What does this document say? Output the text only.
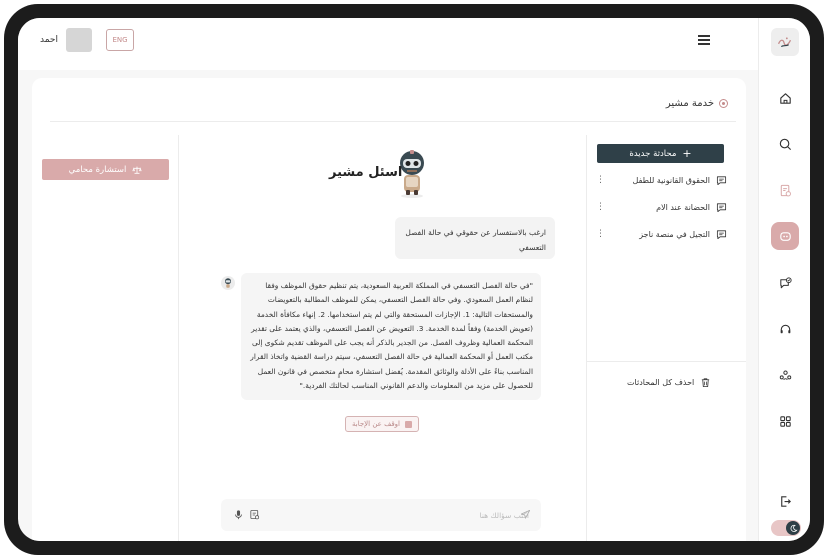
احمد	ENG
خدمة مشير
استشارة محامي	اسئل مشير
ارغب بالاستفسار عن حقوقي في حالة الفصل التعسفي
"في حالة الفصل التعسفي في المملكة العربية السعودية، يتم تنظيم حقوق الموظف وفقا لنظام العمل السعودي. وفي حالة الفصل التعسفي، يمكن للموظف المطالبة بالتعويضات والمستحقات التالية: 1. الإجازات المستحقة والتي لم يتم استخدامها. 2. إنهاء مكافأة الخدمة (تعويض الخدمة) وفقاً لمدة الخدمة. 3. التعويض عن الفصل التعسفي، والذي يعتمد على تقدير المحكمة العمالية وظروف الفصل. من الجدير بالذكر أنه يجب على الموظف تقديم شكوى إلى مكتب العمل أو المحكمة العمالية في حالة الفصل التعسفي، سيتم دراسة القضية واتخاذ القرار المناسب بناءً على الأدلة والوثائق المقدمة. يُفضل استشارة محامٍ متخصص في قانون العمل للحصول على مزيد من المعلومات والدعم القانوني المناسب لحالتك الفردية."
اوقف عن الإجابة
اكتب سؤالك هنا
+
محادثة جديدة
الحقوق القانونية للطفل
⋮
الحضانة عند الام
⋮
التجيل في منصة ناجز
⋮
احذف كل المحادثات
